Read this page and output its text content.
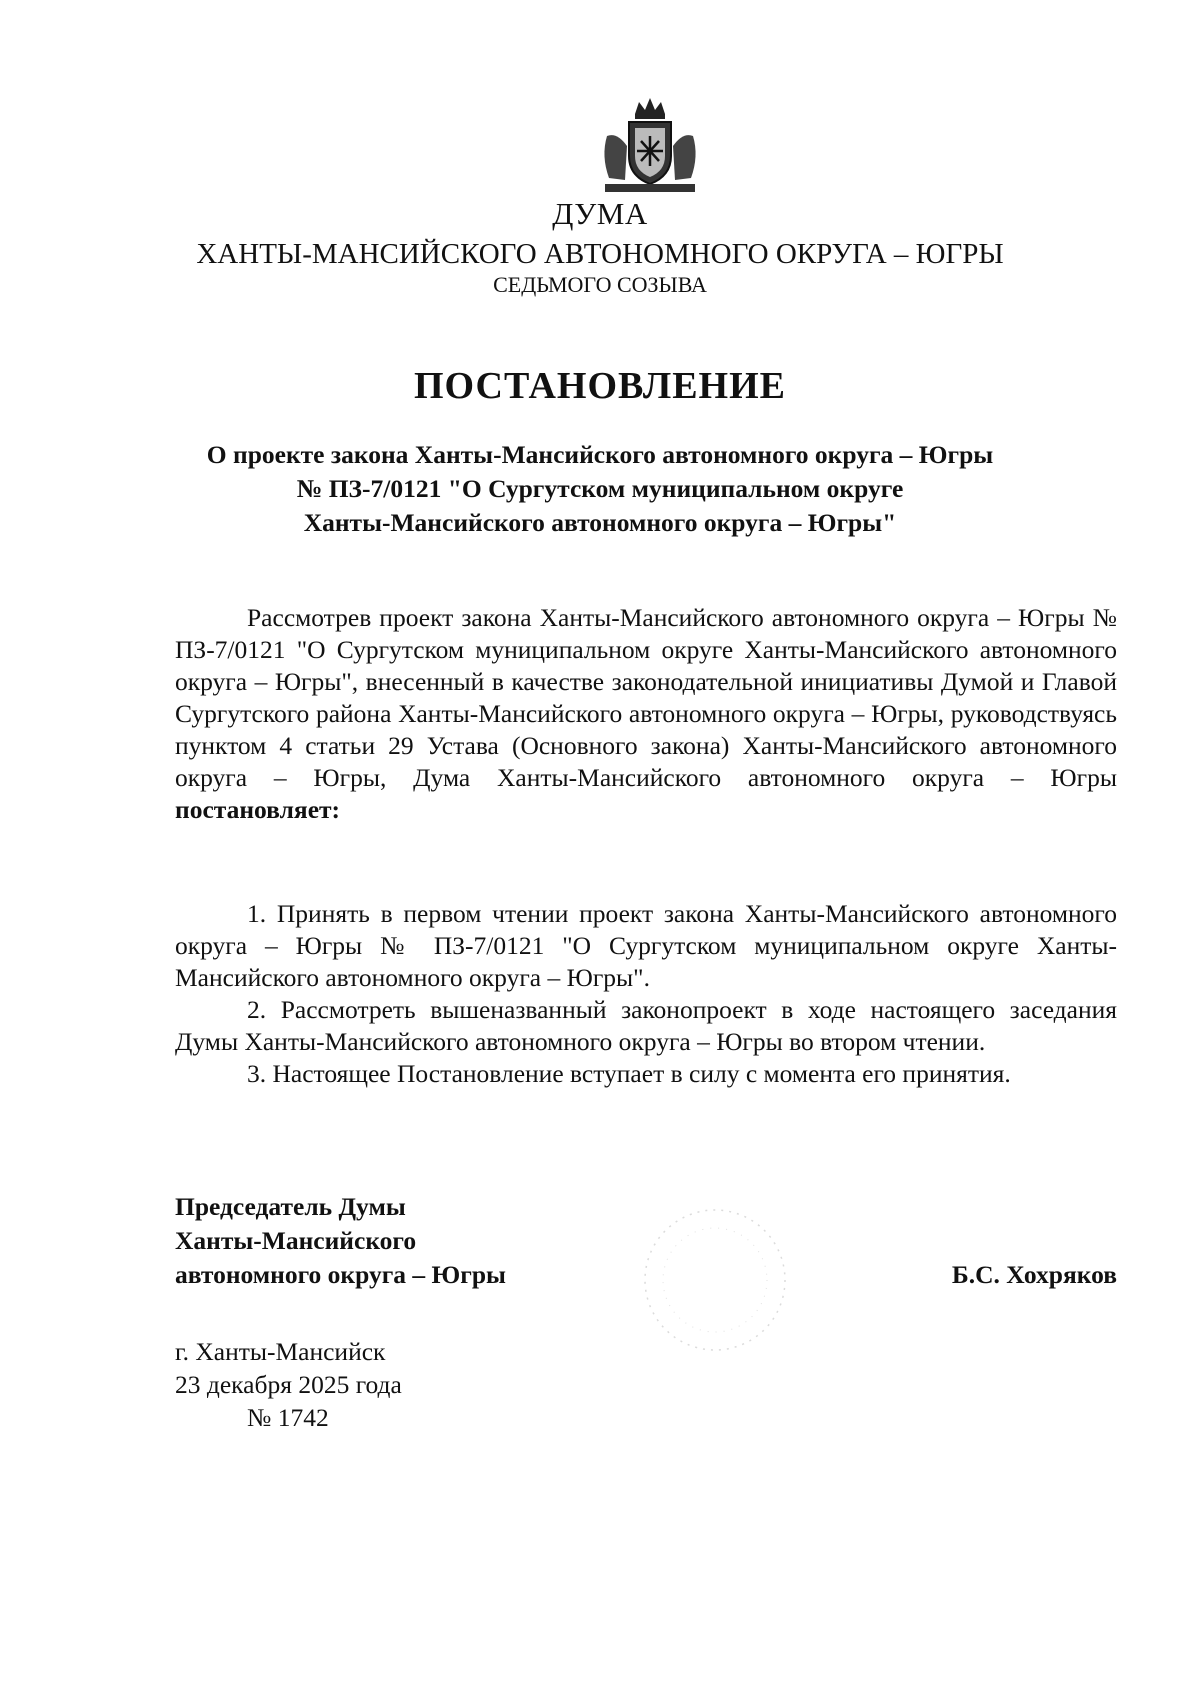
ДУМА
ХАНТЫ-МАНСИЙСКОГО АВТОНОМНОГО ОКРУГА – ЮГРЫ
СЕДЬМОГО СОЗЫВА
ПОСТАНОВЛЕНИЕ
О проекте закона Ханты-Мансийского автономного округа – Югры
№ ПЗ-7/0121 "О Сургутском муниципальном округе
Ханты-Мансийского автономного округа – Югры"
Рассмотрев проект закона Ханты-Мансийского автономного округа – Югры № ПЗ-7/0121 "О Сургутском муниципальном округе Ханты-Мансийского автономного округа – Югры", внесенный в качестве законодательной инициативы Думой и Главой Сургутского района Ханты-Мансийского автономного округа – Югры, руководствуясь пунктом 4 статьи 29 Устава (Основного закона) Ханты-Мансийского автономного округа – Югры, Дума Ханты-Мансийского автономного округа – Югры постановляет:

1. Принять в первом чтении проект закона Ханты-Мансийского автономного округа – Югры № ПЗ-7/0121 "О Сургутском муниципальном округе Ханты-Мансийского автономного округа – Югры".

2. Рассмотреть вышеназванный законопроект в ходе настоящего заседания Думы Ханты-Мансийского автономного округа – Югры во втором чтении.

3. Настоящее Постановление вступает в силу с момента его принятия.

Председатель Думы
Ханты-Мансийского
автономного округа – Югры	Б.С. Хохряков
г. Ханты-Мансийск
23 декабря 2025 года
№ 1742
